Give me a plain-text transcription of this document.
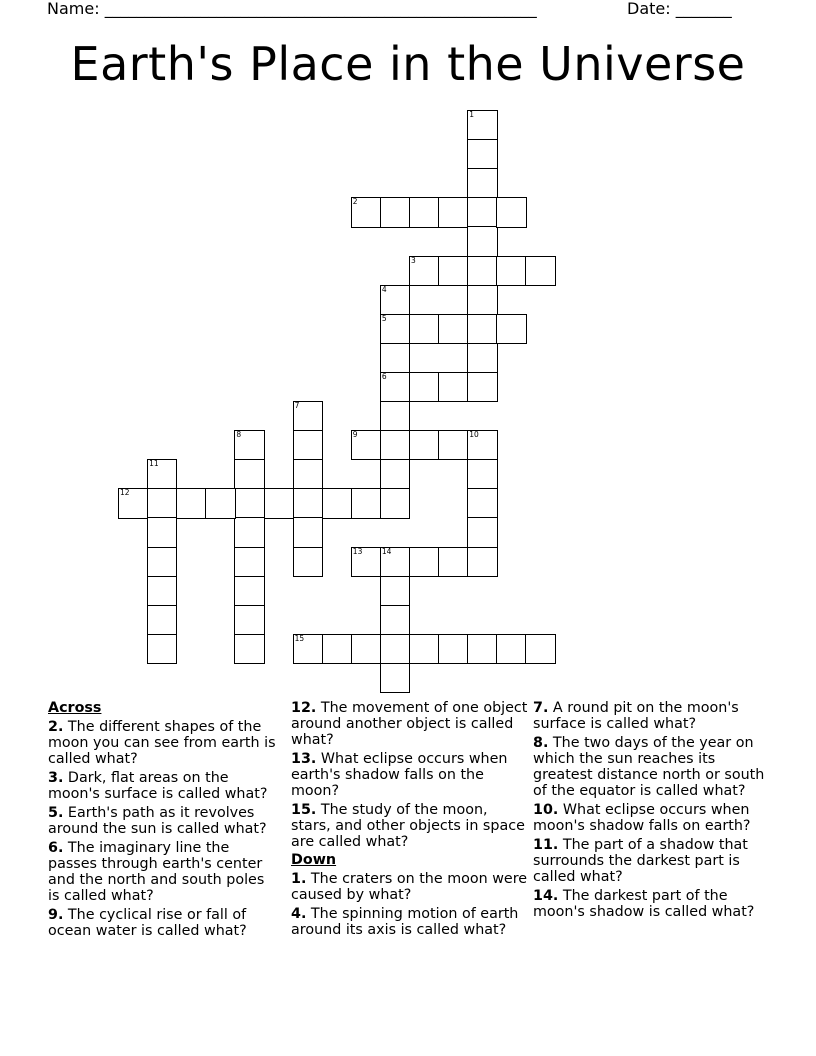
Name: ______________________________________________________	Date: _______
Earth's Place in the Universe
1
2
3
4
5
6
7
8	9	10
11
12
13	14
15
Across
2. The different shapes of the moon you can see from earth is called what?
3. Dark, flat areas on the moon's surface is called what?
5. Earth's path as it revolves around the sun is called what?
6. The imaginary line the passes through earth's center and the north and south poles is called what?
9. The cyclical rise or fall of ocean water is called what?
12. The movement of one object around another object is called what?
13. What eclipse occurs when earth's shadow falls on the moon?
15. The study of the moon, stars, and other objects in space are called what?
Down
1. The craters on the moon were caused by what?
4. The spinning motion of earth around its axis is called what?
7. A round pit on the moon's surface is called what?
8. The two days of the year on which the sun reaches its greatest distance north or south of the equator is called what?
10. What eclipse occurs when moon's shadow falls on earth?
11. The part of a shadow that surrounds the darkest part is called what?
14. The darkest part of the moon's shadow is called what?
